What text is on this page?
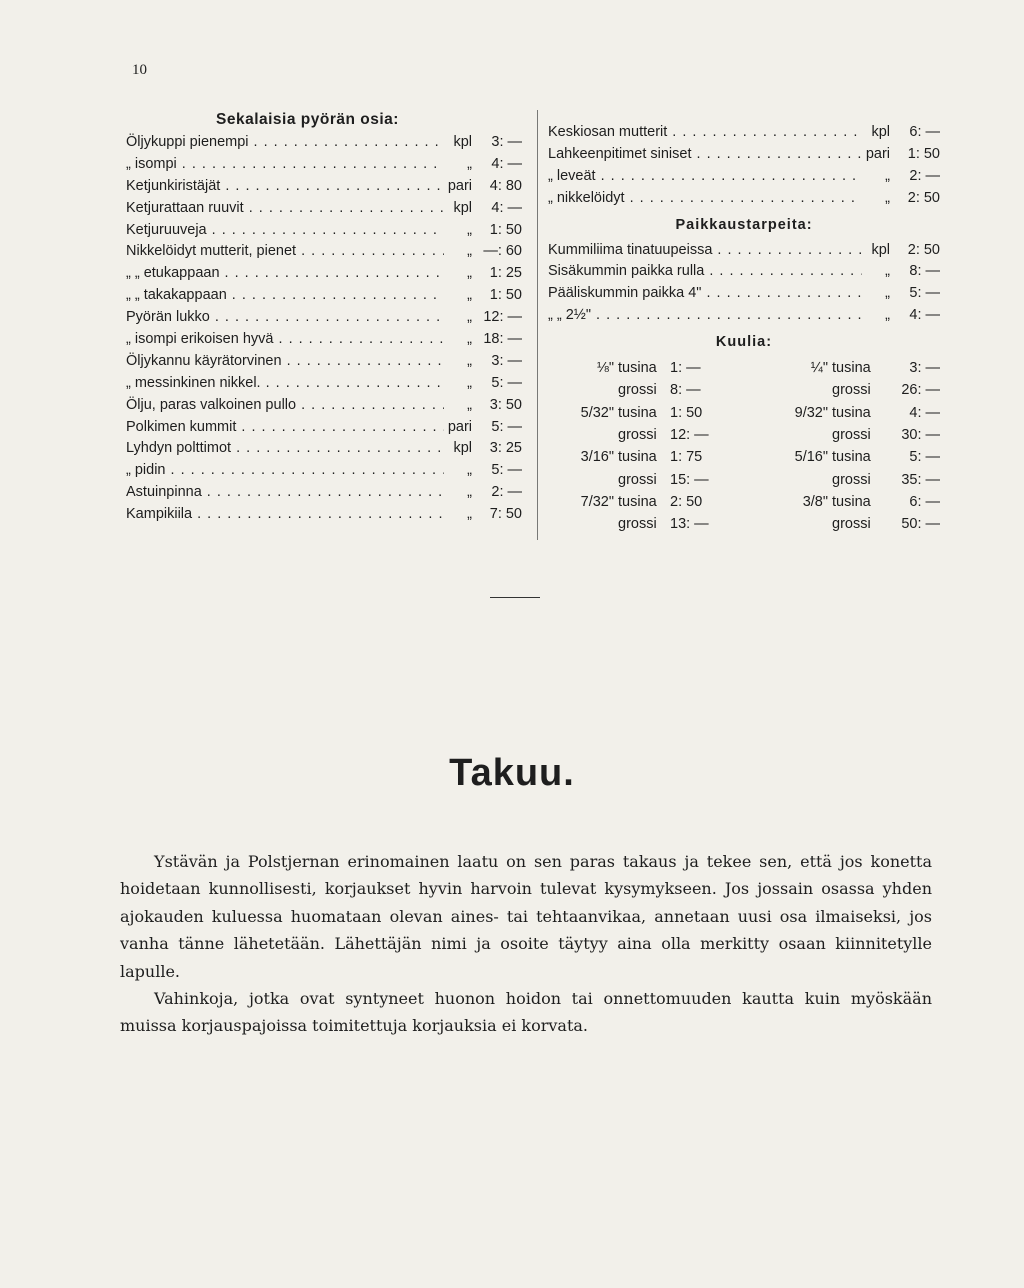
10
Sekalaisia pyörän osia:
Öljykuppi pienempi . . .	kpl	3: —
„ isompi . . .	„	4: —
Ketjunkiristäjät . . .	pari	4: 80
Ketjurattaan ruuvit . . .	kpl	4: —
Ketjuruuveja . . .	„	1: 50
Nikkelöidyt mutterit, pienet . . .	„ —: 60
„ „ etukappaan . . .	„	1: 25
„ „ takakappaan . . .	„	1: 50
Pyörän lukko . . .	„ 12: —
„ isompi erikoisen hyvä . . .	„ 18: —
Öljykannu käyrätorvinen . . .	„	3: —
„ messinkinen nikkel. . . .	„	5: —
Ölju, paras valkoinen pullo . . .	„	3: 50
Polkimen kummit . . .	pari	5: —
Lyhdyn polttimot . . .	kpl	3: 25
„ pidin . . .	„	5: —
Astuinpinna . . .	„	2: —
Kampikiila . . .	„	7: 50
Keskiosan mutterit . . .	kpl	6: —
Lahkeenpitimet siniset . . .	pari	1: 50
„ leveät . . .	„	2: —
„ nikkelöidyt . . .	„	2: 50
Paikkaustarpeita:
Kummiliima tinatuupeissa . . .	kpl	2: 50
Sisäkummin paikka rulla . . .	„	8: —
Pääliskummin paikka 4" . . .	„	5: —
„ „ 2½" . . .	„	4: —
Kuulia:
⅛" tusina 1: —	¼" tusina	3: —
grossi 8: —	grossi	26: —
5/32" tusina 1: 50	9/32" tusina	4: —
grossi 12: —	grossi	30: —
3/16" tusina 1: 75	5/16" tusina	5: —
grossi 15: —	grossi	35: —
7/32" tusina 2: 50	3/8" tusina	6: —
grossi 13: —	grossi	50: —
Takuu.

Ystävän ja Polstjernan erinomainen laatu on sen paras takaus ja tekee sen, että jos konetta hoidetaan kunnollisesti, korjaukset hyvin harvoin tulevat kysymykseen. Jos jossain osassa yhden ajokauden kuluessa huomataan olevan aines- tai tehtaanvikaa, annetaan uusi osa ilmaiseksi, jos vanha tänne lähetetään. Lähettäjän nimi ja osoite täytyy aina olla merkitty osaan kiinnitetylle lapulle.

Vahinkoja, jotka ovat syntyneet huonon hoidon tai onnettomuuden kautta kuin myöskään muissa korjauspajoissa toimitettuja korjauksia ei korvata.
